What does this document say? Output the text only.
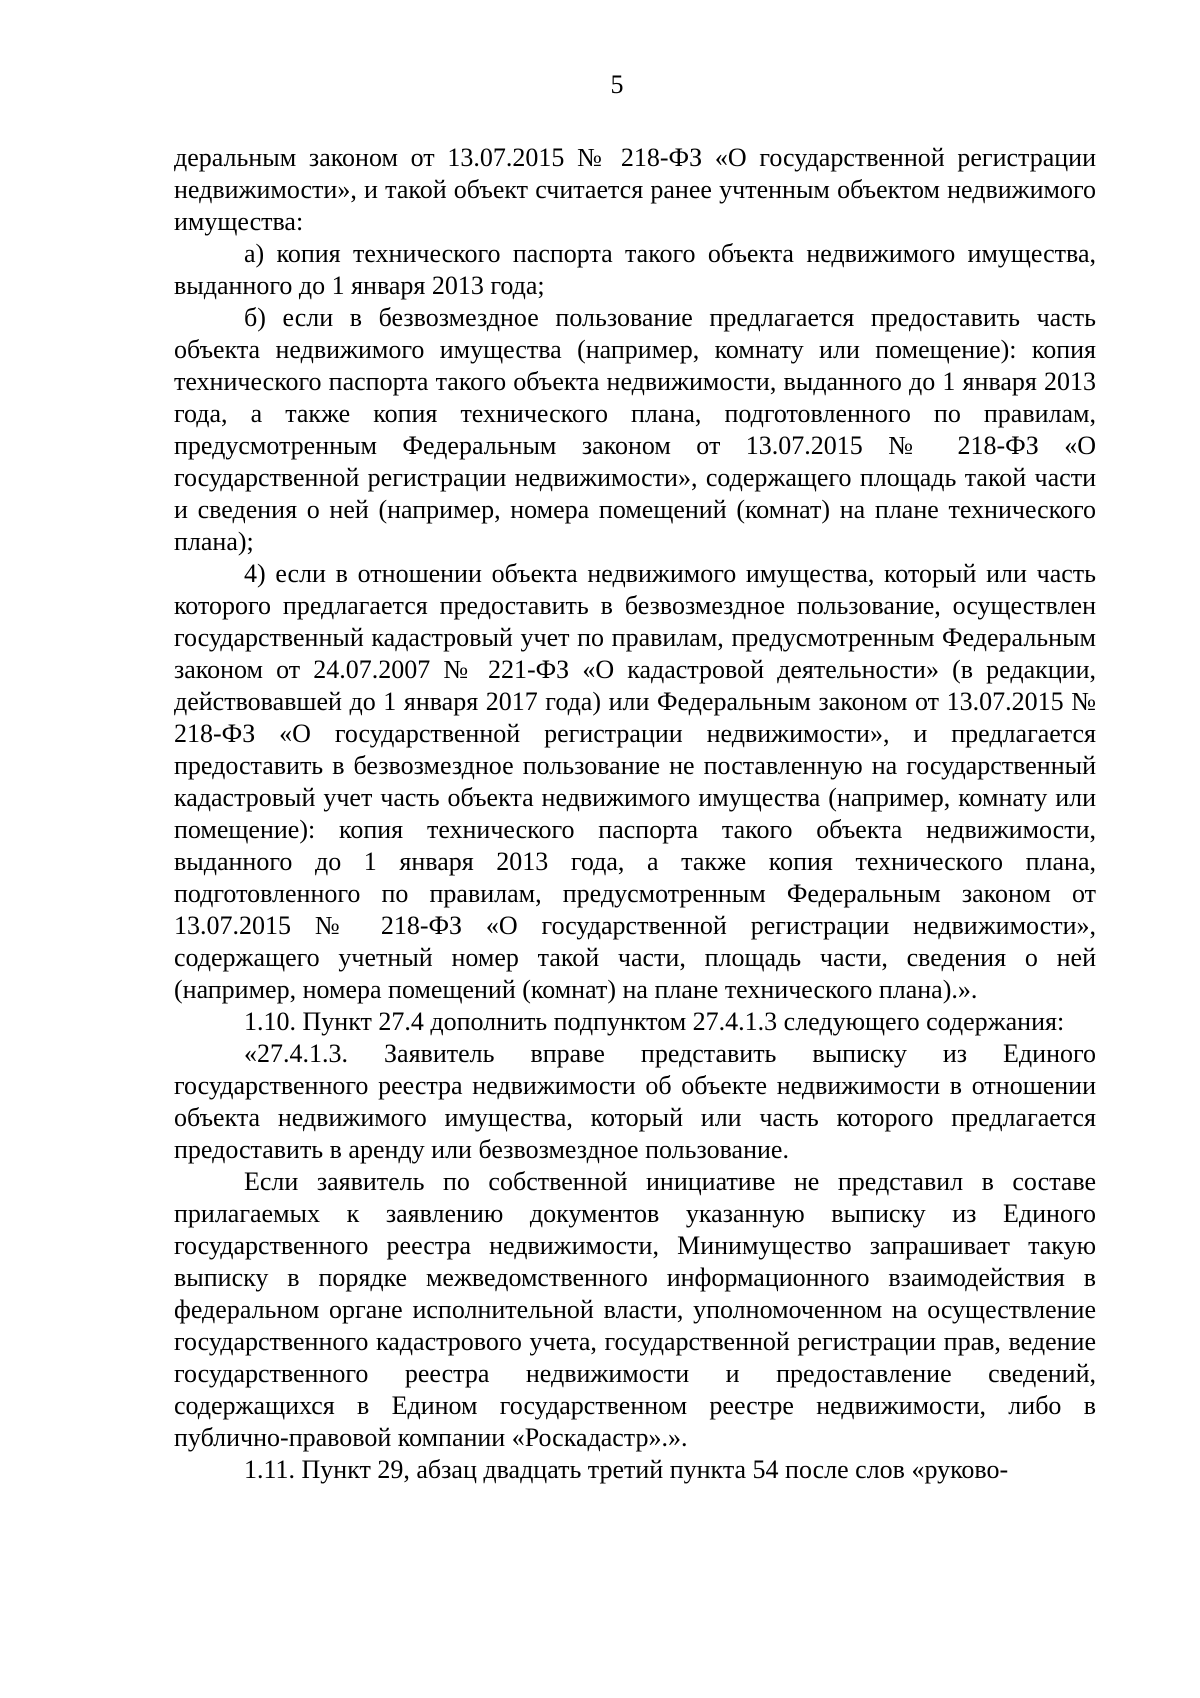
5

деральным законом от 13.07.2015 № 218-ФЗ «О государственной регистрации недвижимости», и такой объект считается ранее учтенным объектом недвижимого имущества:

а) копия технического паспорта такого объекта недвижимого имущества, выданного до 1 января 2013 года;

б) если в безвозмездное пользование предлагается предоставить часть объекта недвижимого имущества (например, комнату или помещение): копия технического паспорта такого объекта недвижимости, выданного до 1 января 2013 года, а также копия технического плана, подготовленного по правилам, предусмотренным Федеральным законом от 13.07.2015 № 218-ФЗ «О государственной регистрации недвижимости», содержащего площадь такой части и сведения о ней (например, номера помещений (комнат) на плане технического плана);

4) если в отношении объекта недвижимого имущества, который или часть которого предлагается предоставить в безвозмездное пользование, осуществлен государственный кадастровый учет по правилам, предусмотренным Федеральным законом от 24.07.2007 № 221-ФЗ «О кадастровой деятельности» (в редакции, действовавшей до 1 января 2017 года) или Федеральным законом от 13.07.2015 № 218-ФЗ «О государственной регистрации недвижимости», и предлагается предоставить в безвозмездное пользование не поставленную на государственный кадастровый учет часть объекта недвижимого имущества (например, комнату или помещение): копия технического паспорта такого объекта недвижимости, выданного до 1 января 2013 года, а также копия технического плана, подготовленного по правилам, предусмотренным Федеральным законом от 13.07.2015 № 218-ФЗ «О государственной регистрации недвижимости», содержащего учетный номер такой части, площадь части, сведения о ней (например, номера помещений (комнат) на плане технического плана).».

1.10. Пункт 27.4 дополнить подпунктом 27.4.1.3 следующего содержания:

«27.4.1.3. Заявитель вправе представить выписку из Единого государственного реестра недвижимости об объекте недвижимости в отношении объекта недвижимого имущества, который или часть которого предлагается предоставить в аренду или безвозмездное пользование.

Если заявитель по собственной инициативе не представил в составе прилагаемых к заявлению документов указанную выписку из Единого государственного реестра недвижимости, Минимущество запрашивает такую выписку в порядке межведомственного информационного взаимодействия в федеральном органе исполнительной власти, уполномоченном на осуществление государственного кадастрового учета, государственной регистрации прав, ведение государственного реестра недвижимости и предоставление сведений, содержащихся в Едином государственном реестре недвижимости, либо в публично-правовой компании «Роскадастр».».

1.11. Пункт 29, абзац двадцать третий пункта 54 после слов «руково-
